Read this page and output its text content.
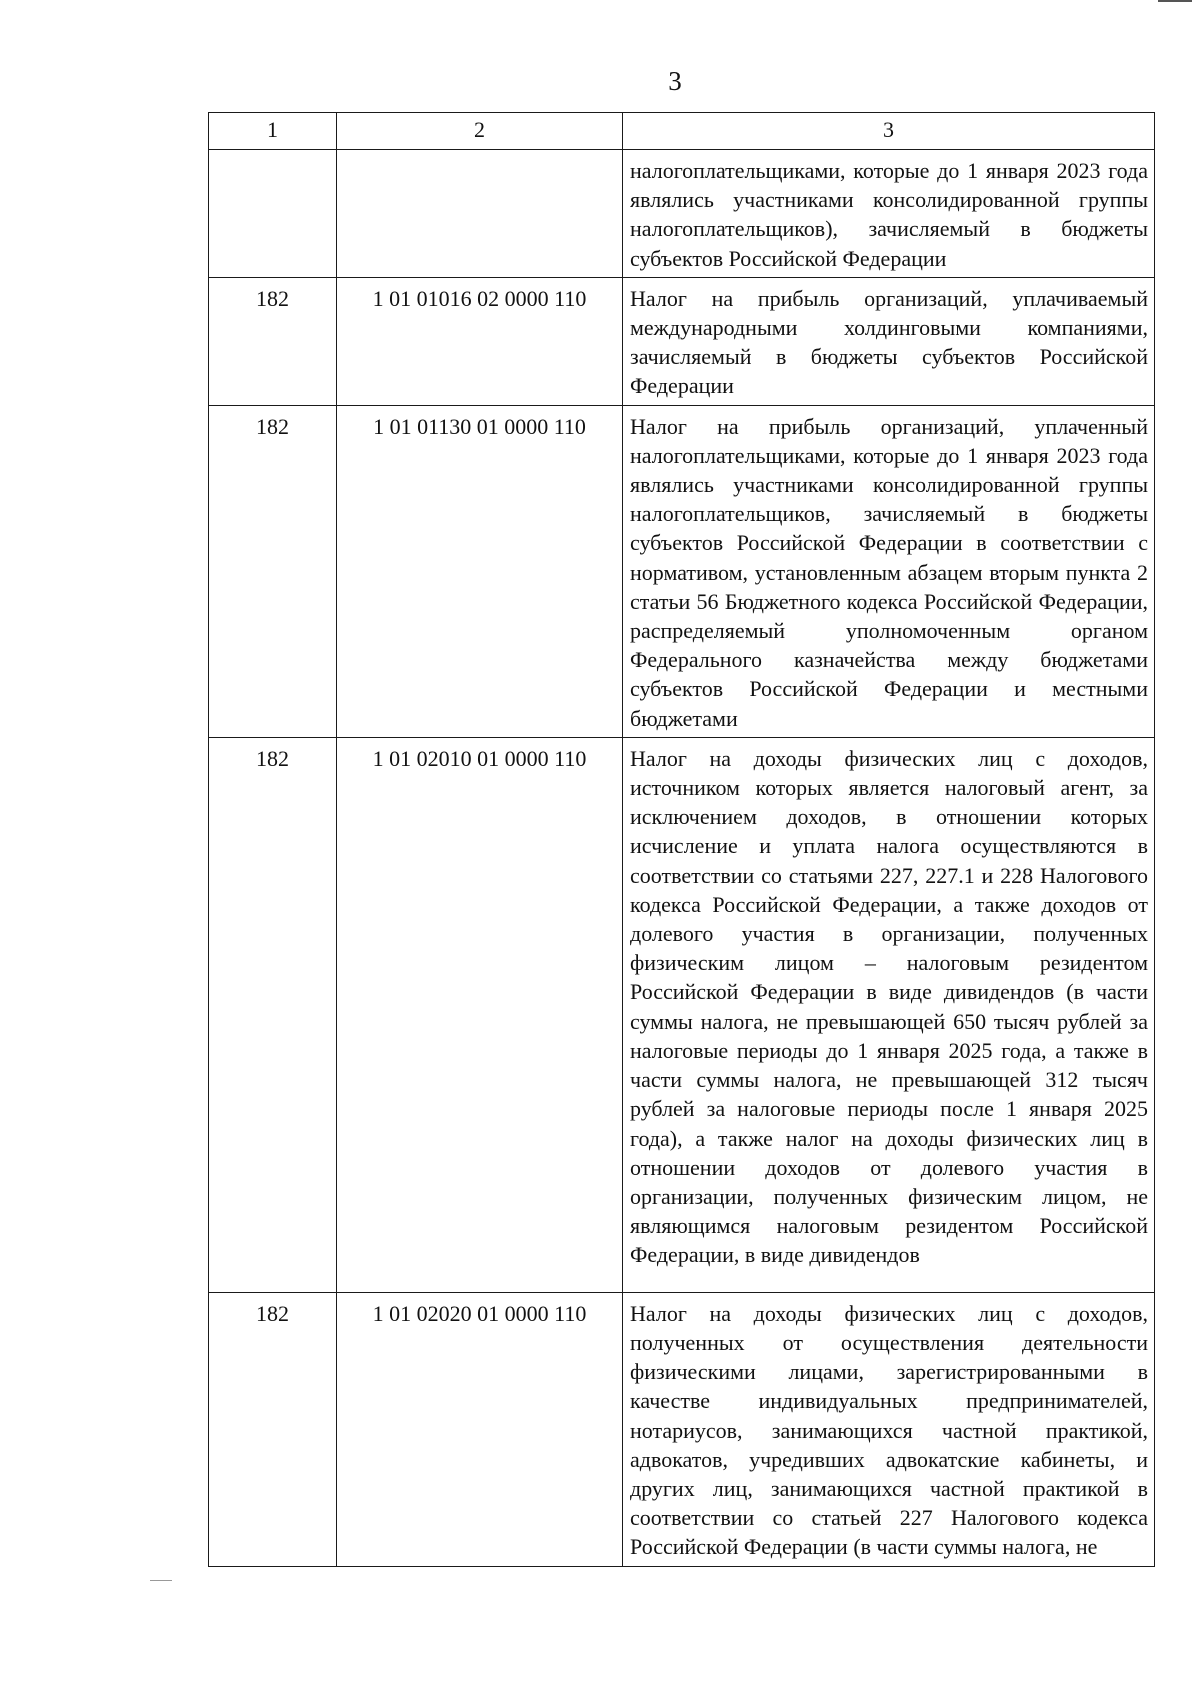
3
1	2	3
		налогоплательщиками, которые до 1 января 2023 года являлись участниками консолидированной группы налогоплательщиков), зачисляемый в бюджеты субъектов Российской Федерации
182	1 01 01016 02 0000 110	Налог на прибыль организаций, уплачиваемый международными холдинговыми компаниями, зачисляемый в бюджеты субъектов Российской Федерации
182	1 01 01130 01 0000 110	Налог на прибыль организаций, уплаченный налогоплательщиками, которые до 1 января 2023 года являлись участниками консолидированной группы налогоплательщиков, зачисляемый в бюджеты субъектов Российской Федерации в соответствии с нормативом, установленным абзацем вторым пункта 2 статьи 56 Бюджетного кодекса Российской Федерации, распределяемый уполномоченным органом Федерального казначейства между бюджетами субъектов Российской Федерации и местными бюджетами
182	1 01 02010 01 0000 110	Налог на доходы физических лиц с доходов, источником которых является налоговый агент, за исключением доходов, в отношении которых исчисление и уплата налога осуществляются в соответствии со статьями 227, 227.1 и 228 Налогового кодекса Российской Федерации, а также доходов от долевого участия в организации, полученных физическим лицом – налоговым резидентом Российской Федерации в виде дивидендов (в части суммы налога, не превышающей 650 тысяч рублей за налоговые периоды до 1 января 2025 года, а также в части суммы налога, не превышающей 312 тысяч рублей за налоговые периоды после 1 января 2025 года), а также налог на доходы физических лиц в отношении доходов от долевого участия в организации, полученных физическим лицом, не являющимся налоговым резидентом Российской Федерации, в виде дивидендов
182	1 01 02020 01 0000 110	Налог на доходы физических лиц с доходов, полученных от осуществления деятельности физическими лицами, зарегистрированными в качестве индивидуальных предпринимателей, нотариусов, занимающихся частной практикой, адвокатов, учредивших адвокатские кабинеты, и других лиц, занимающихся частной практикой в соответствии со статьей 227 Налогового кодекса Российской Федерации (в части суммы налога, не
